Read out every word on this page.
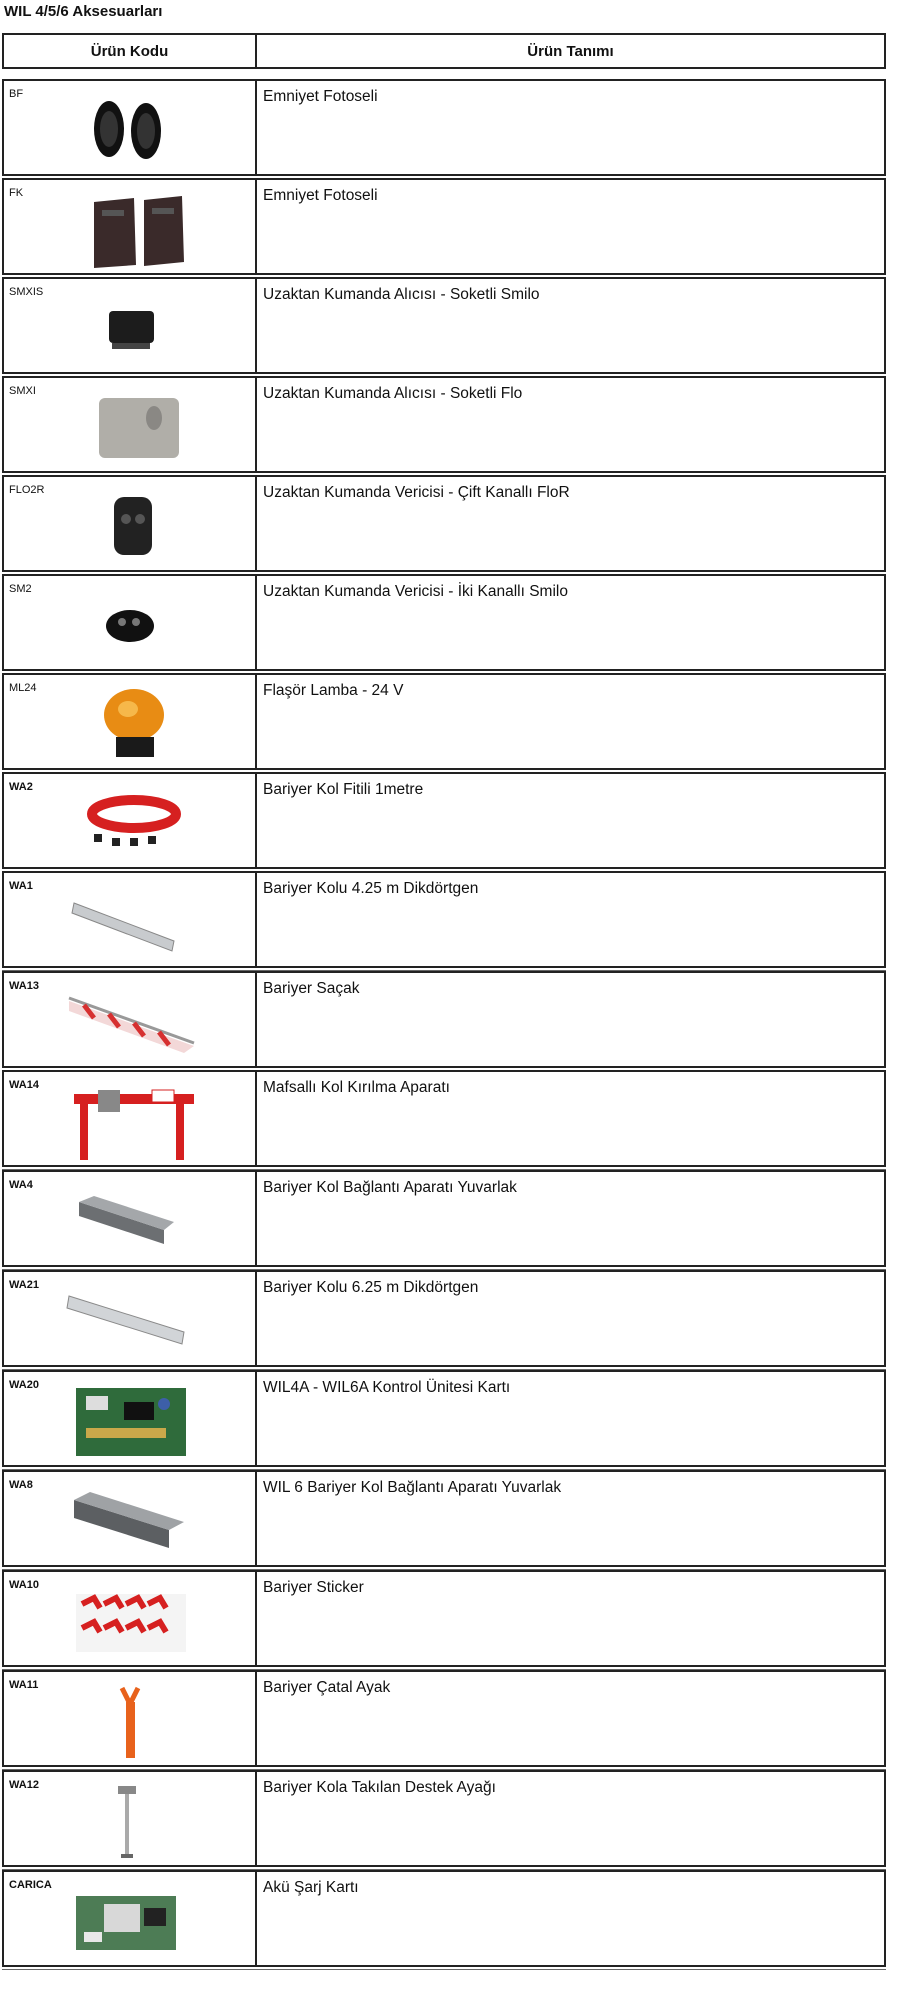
WIL 4/5/6 Aksesuarları
Ürün Kodu	Ürün Tanımı
BF	Emniyet Fotoseli
FK	Emniyet Fotoseli
SMXIS	Uzaktan Kumanda Alıcısı - Soketli Smilo
SMXI	Uzaktan Kumanda Alıcısı - Soketli Flo
FLO2R	Uzaktan Kumanda Vericisi - Çift Kanallı FloR
SM2	Uzaktan Kumanda Vericisi - İki Kanallı Smilo
ML24	Flaşör Lamba - 24 V
WA2	Bariyer Kol Fitili 1metre
WA1	Bariyer Kolu 4.25 m Dikdörtgen
WA13	Bariyer Saçak
WA14	Mafsallı Kol Kırılma Aparatı
WA4	Bariyer Kol Bağlantı Aparatı Yuvarlak
WA21	Bariyer Kolu 6.25 m Dikdörtgen
WA20	WIL4A - WIL6A Kontrol Ünitesi Kartı
WA8	WIL 6 Bariyer Kol Bağlantı Aparatı Yuvarlak
WA10	Bariyer Sticker
WA11	Bariyer Çatal Ayak
WA12	Bariyer Kola Takılan Destek Ayağı
CARICA	Akü Şarj Kartı
